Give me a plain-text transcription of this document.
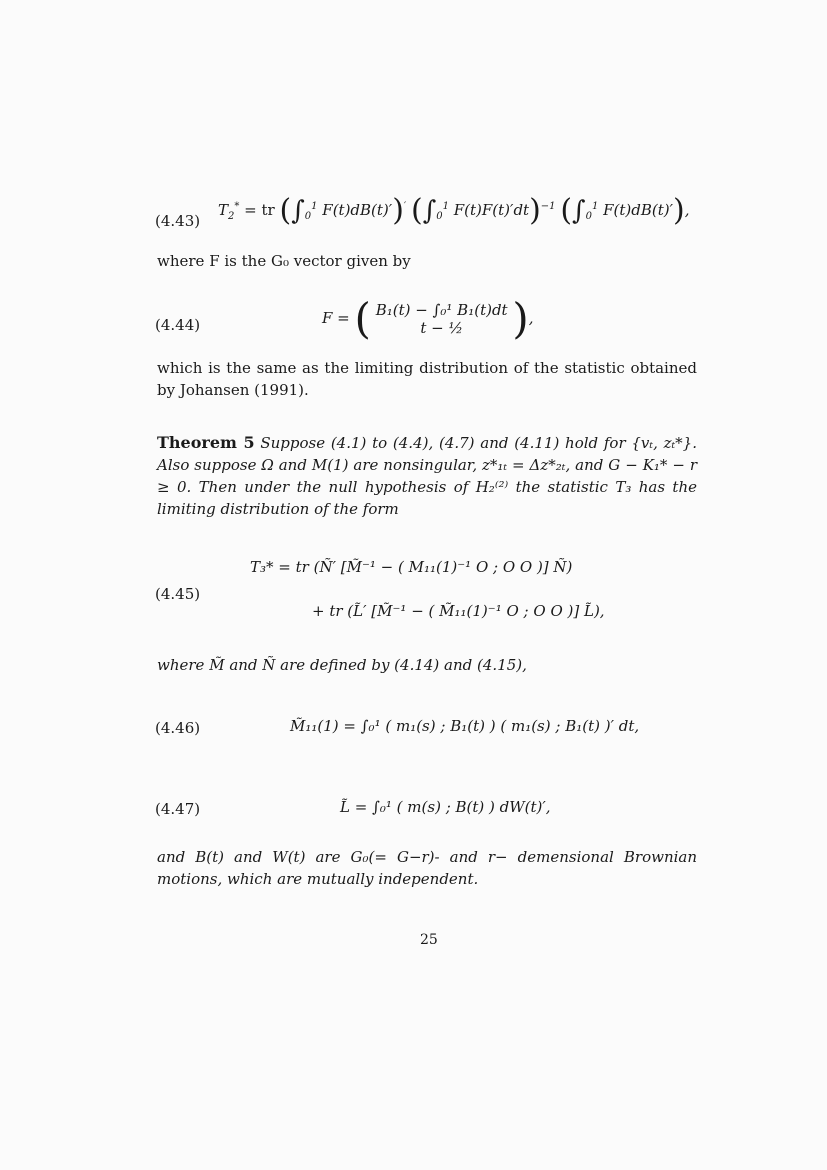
(4.43)
$T_2^*$ = tr ($\int_0^1$ F(t)dB(t)′)′ ($\int_0^1$ F(t)F(t)′dt)$^{-1}$ ($\int_0^1$ F(t)dB(t)′),
where F is the G₀ vector given by
(4.44)	F = ( B₁(t) − ∫₀¹ B₁(t)dt
t − ½ ),
which is the same as the limiting distribution of the statistic obtained by Johansen (1991).
Theorem 5 Suppose (4.1) to (4.4), (4.7) and (4.11) hold for {vₜ, zₜ*}. Also suppose Ω and M(1) are nonsingular, z*₁ₜ = Δz*₂ₜ, and G − K₁* − r ≥ 0. Then under the null hypothesis of H₂⁽²⁾ the statistic T₃ has the limiting distribution of the form
(4.45)
T₃* = tr (Ñ′ [M̃⁻¹ − ( M₁₁(1)⁻¹ O ; O O )] Ñ)
+ tr (L̃′ [M̃⁻¹ − ( M̃₁₁(1)⁻¹ O ; O O )] L̃),
where M̃ and Ñ are defined by (4.14) and (4.15),
(4.46)	M̃₁₁(1) = ∫₀¹ ( m₁(s) ; B₁(t) ) ( m₁(s) ; B₁(t) )′ dt,
(4.47)	L̃ = ∫₀¹ ( m(s) ; B(t) ) dW(t)′,
and B(t) and W(t) are G₀(= G−r)- and r− demensional Brownian motions, which are mutually independent.
25
